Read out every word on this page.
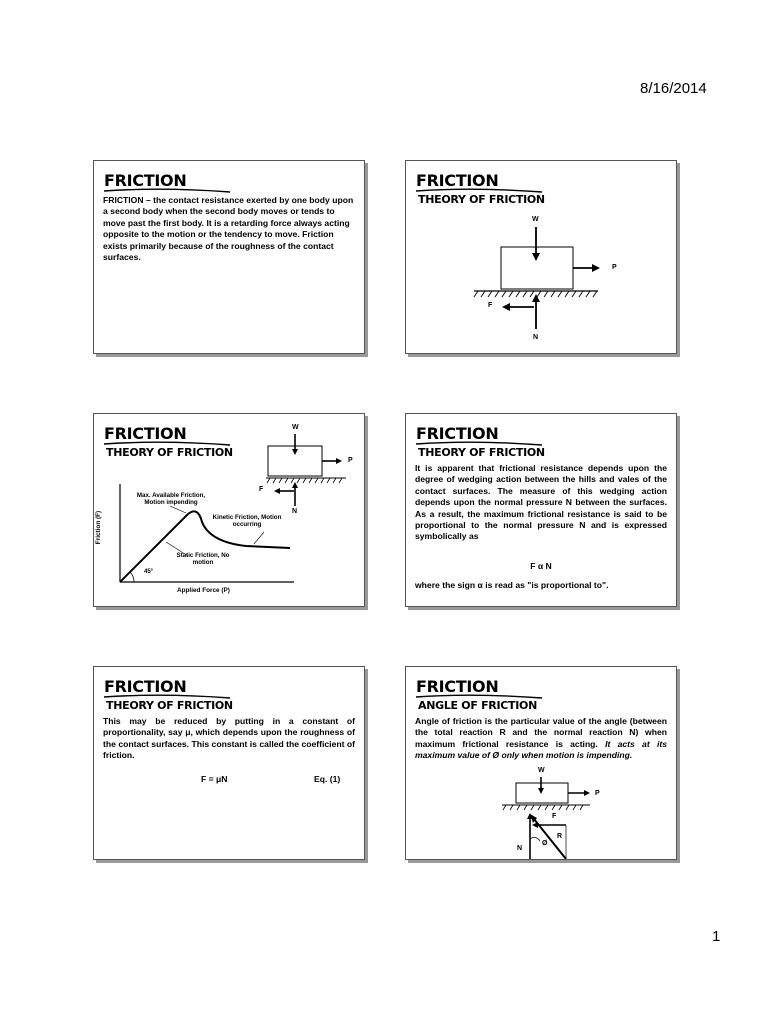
8/16/2014
FRICTION
FRICTION – the contact resistance exerted by one body upon a second body when the second body moves or tends to move past the first body. It is a retarding force always acting opposite to the motion or the tendency to move. Friction exists primarily because of the roughness of the contact surfaces.
FRICTION
THEORY OF FRICTION
W
P
F
N
FRICTION
THEORY OF FRICTION
W
P
F
N
Max. Available Friction, Motion impending
Kinetic Friction, Motion occurring
Static Friction, No motion
45°
Applied Force (P)
Friction (F)
FRICTION
THEORY OF FRICTION
It is apparent that frictional resistance depends upon the degree of wedging action between the hills and vales of the contact surfaces. The measure of this wedging action depends upon the normal pressure N between the surfaces. As a result, the maximum frictional resistance is said to be proportional to the normal pressure N and is expressed symbolically as
F α N
where the sign α is read as "is proportional to".
FRICTION
THEORY OF FRICTION
This may be reduced by putting in a constant of proportionality, say μ, which depends upon the roughness of the contact surfaces. This constant is called the coefficient of friction.
F = μN	Eq. (1)
FRICTION
ANGLE OF FRICTION
Angle of friction is the particular value of the angle (between the total reaction R and the normal reaction N) when maximum frictional resistance is acting. It acts at its maximum value of Ø only when motion is impending.
W
P
F
R
N
Ø
1
